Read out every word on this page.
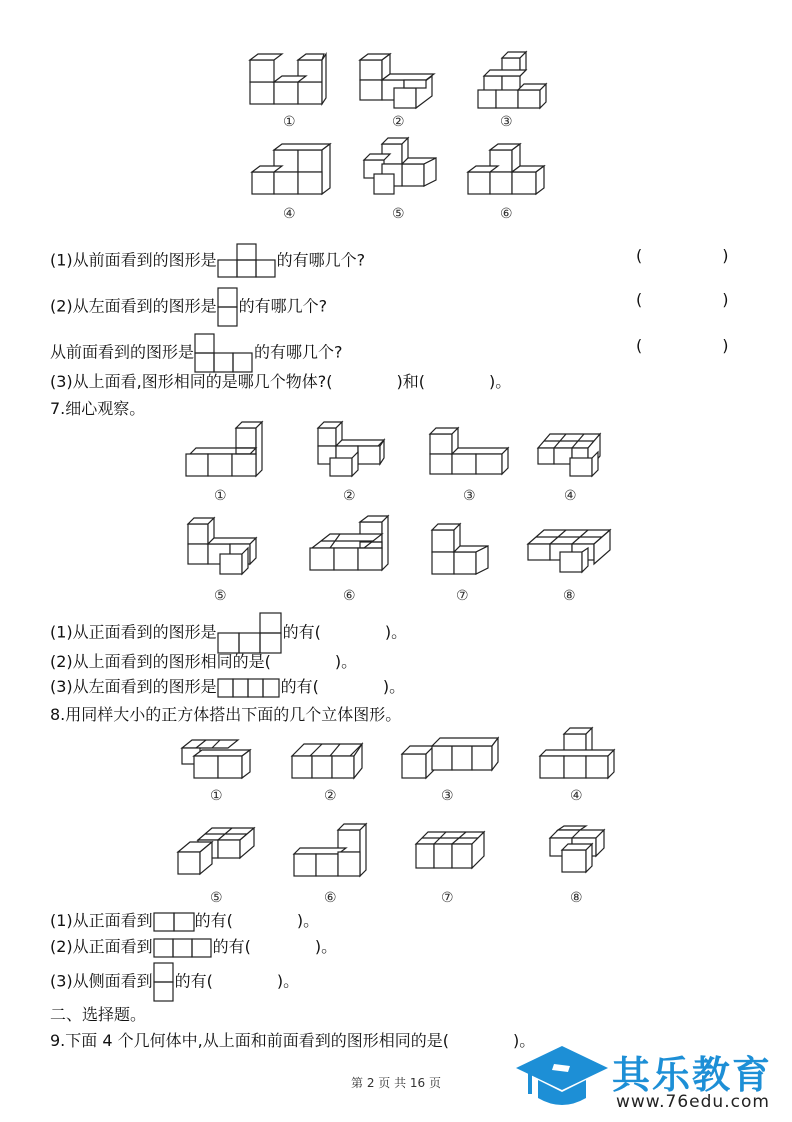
①	②	③
④	⑤	⑥
(1)从前面看到的图形是	的有哪几个?	(　　　　　)
(2)从左面看到的图形是 的有哪几个?	(　　　　　)
从前面看到的图形是	的有哪几个?	(　　　　　)
(3)从上面看,图形相同的是哪几个物体?(　　　　)和(　　　　)。
7.细心观察。
①	②	③	④
⑤	⑥	⑦	⑧
(1)从正面看到的图形是	的有(　　　　)。
(2)从上面看到的图形相同的是(　　　　)。
(3)从左面看到的图形是	的有(　　　　)。
8.用同样大小的正方体搭出下面的几个立体图形。
①	②	③	④
⑤	⑥	⑦	⑧
(1)从正面看到	的有(　　　　)。
(2)从正面看到	的有(　　　　)。
(3)从侧面看到 的有(　　　　)。
二、选择题。
9.下面 4 个几何体中,从上面和前面看到的图形相同的是(　　　　)。
第 2 页 共 16 页	其乐教育
www.76edu.com
